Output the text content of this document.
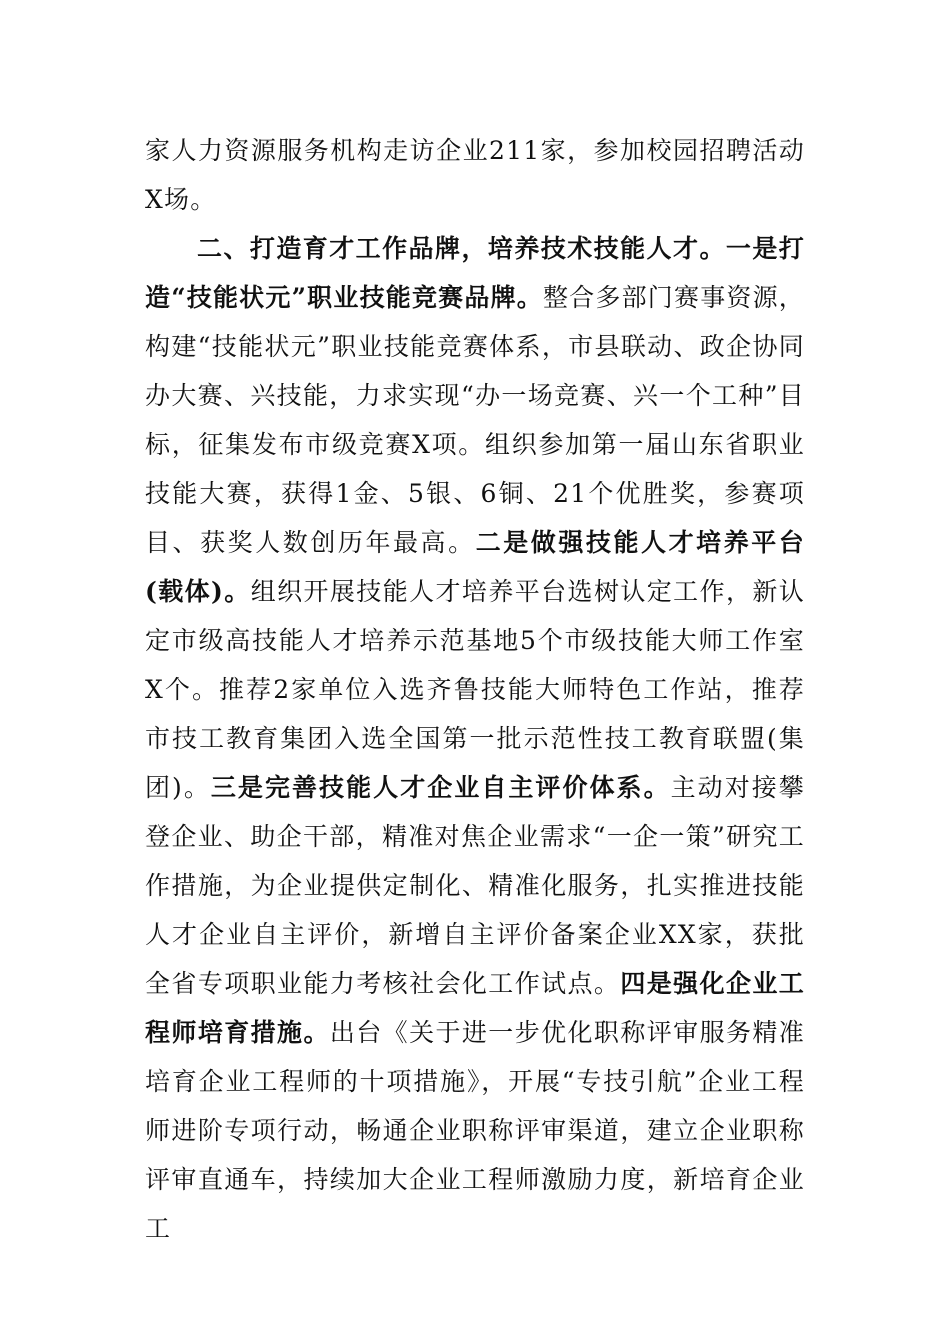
家人力资源服务机构走访企业211家，参加校园招聘活动X场。

二、打造育才工作品牌，培养技术技能人才。一是打造“技能状元”职业技能竞赛品牌。整合多部门赛事资源，构建“技能状元”职业技能竞赛体系，市县联动、政企协同办大赛、兴技能，力求实现“办一场竞赛、兴一个工种”目标，征集发布市级竞赛X项。组织参加第一届山东省职业技能大赛，获得1金、5银、6铜、21个优胜奖，参赛项目、获奖人数创历年最高。二是做强技能人才培养平台(载体)。组织开展技能人才培养平台选树认定工作，新认定市级高技能人才培养示范基地5个市级技能大师工作室X个。推荐2家单位入选齐鲁技能大师特色工作站，推荐市技工教育集团入选全国第一批示范性技工教育联盟(集团)。三是完善技能人才企业自主评价体系。主动对接攀登企业、助企干部，精准对焦企业需求“一企一策”研究工作措施，为企业提供定制化、精准化服务，扎实推进技能人才企业自主评价，新增自主评价备案企业XX家，获批全省专项职业能力考核社会化工作试点。四是强化企业工程师培育措施。出台《关于进一步优化职称评审服务精准培育企业工程师的十项措施》，开展“专技引航”企业工程师进阶专项行动，畅通企业职称评审渠道，建立企业职称评审直通车，持续加大企业工程师激励力度，新培育企业工
